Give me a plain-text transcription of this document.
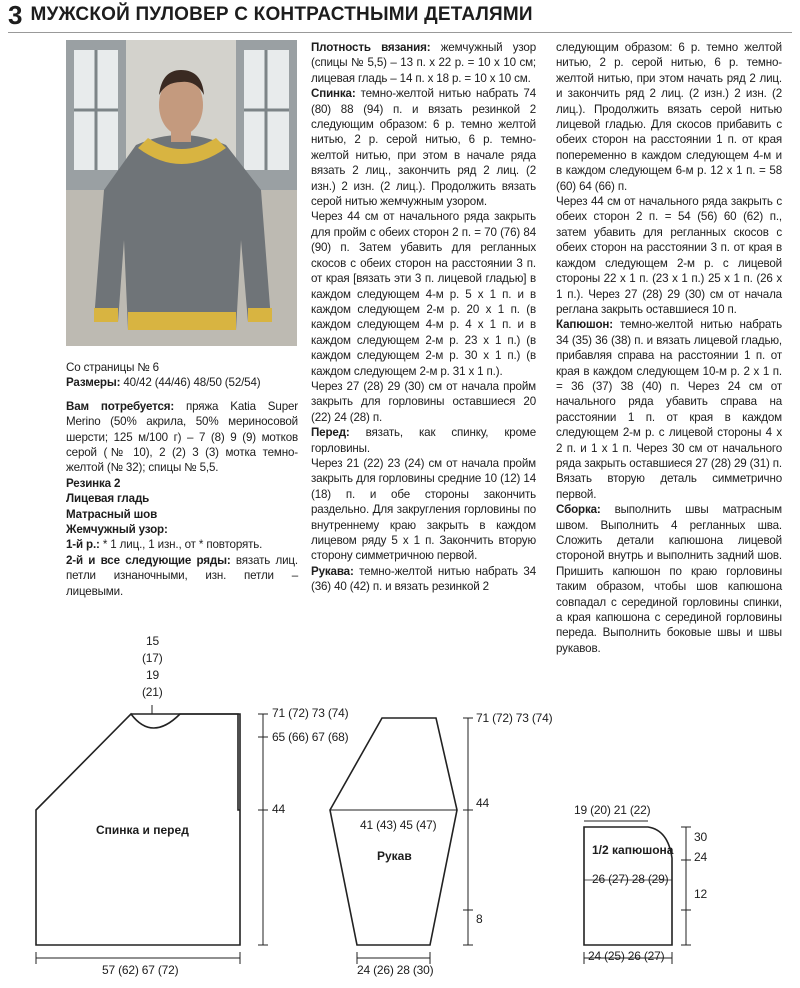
3 МУЖСКОЙ ПУЛОВЕР С КОНТРАСТНЫМИ ДЕТАЛЯМИ

Со страницы № 6

Размеры: 40/42 (44/46) 48/50 (52/54)

Вам потребуется: пряжа Katia Super Merino (50% акрила, 50% мериносовой шерсти; 125 м/100 г) – 7 (8) 9 (9) мотков серой (№ 10), 2 (2) 3 (3) мотка темно-желтой (№ 32); спицы № 5,5.

Резинка 2

Лицевая гладь

Матрасный шов

Жемчужный узор:

1-й р.: * 1 лиц., 1 изн., от * повторять.

2-й и все следующие ряды: вязать лиц. петли изнаночными, изн. петли – лицевыми.

Плотность вязания: жемчужный узор (спицы № 5,5) – 13 п. х 22 р. = 10 х 10 см; лицевая гладь – 14 п. х 18 р. = 10 х 10 см.

Спинка: темно-желтой нитью набрать 74 (80) 88 (94) п. и вязать резинкой 2 следующим образом: 6 р. темно желтой нитью, 2 р. серой нитью, 6 р. темно-желтой нитью, при этом в начале ряда вязать 2 лиц., закончить ряд 2 лиц. (2 изн.) 2 изн. (2 лиц.). Продолжить вязать серой нитью жемчужным узором.

Через 44 см от начального ряда закрыть для пройм с обеих сторон 2 п. = 70 (76) 84 (90) п. Затем убавить для регланных скосов с обеих сторон на расстоянии 3 п. от края [вязать эти 3 п. лицевой гладью] в каждом следующем 4-м р. 5 х 1 п. и в каждом следующем 2-м р. 20 х 1 п. (в каждом следующем 4-м р. 4 х 1 п. и в каждом следующем 2-м р. 23 х 1 п.) (в каждом следующем 2-м р. 30 х 1 п.) (в каждом следующем 2-м р. 31 х 1 п.).

Через 27 (28) 29 (30) см от начала пройм закрыть для горловины оставшиеся 20 (22) 24 (28) п.

Перед: вязать, как спинку, кроме горловины.

Через 21 (22) 23 (24) см от начала пройм закрыть для горловины средние 10 (12) 14 (18) п. и обе стороны закончить раздельно. Для закругления горловины по внутреннему краю закрыть в каждом лицевом ряду 5 х 1 п. Закончить вторую сторону симметричною первой.

Рукава: темно-желтой нитью набрать 34 (36) 40 (42) п. и вязать резинкой 2

следующим образом: 6 р. темно желтой нитью, 2 р. серой нитью, 6 р. темно-желтой нитью, при этом начать ряд 2 лиц. и закончить ряд 2 лиц. (2 изн.) 2 изн. (2 лиц.). Продолжить вязать серой нитью лицевой гладью. Для скосов прибавить с обеих сторон на расстоянии 1 п. от края попеременно в каждом следующем 4-м и в каждом следующем 6-м р. 12 х 1 п. = 58 (60) 64 (66) п.

Через 44 см от начального ряда закрыть с обеих сторон 2 п. = 54 (56) 60 (62) п., затем убавить для регланных скосов с обеих сторон на расстоянии 3 п. от края в каждом следующем 2-м р. с лицевой стороны 22 х 1 п. (23 х 1 п.) 25 х 1 п. (26 х 1 п.). Через 27 (28) 29 (30) см от начала реглана закрыть оставшиеся 10 п.

Капюшон: темно-желтой нитью набрать 34 (35) 36 (38) п. и вязать лицевой гладью, прибавляя справа на расстоянии 1 п. от края в каждом следующем 10-м р. 2 х 1 п. = 36 (37) 38 (40) п. Через 24 см от начального ряда убавить справа на расстоянии 1 п. от края в каждом следующем 2-м р. с лицевой стороны 4 х 2 п. и 1 х 1 п. Через 30 см от начального ряда закрыть оставшиеся 27 (28) 29 (31) п. Вязать вторую деталь симметрично первой.

Сборка: выполнить швы матрасным швом. Выполнить 4 регланных шва. Сложить детали капюшона лицевой стороной внутрь и выполнить задний шов. Пришить капюшон по краю горловины таким образом, чтобы шов капюшона совпадал с серединой горловины спинки, а края капюшона с серединой горловины переда. Выполнить боковые швы и швы рукавов.

15
(17)
19
(21)
71 (72) 73 (74)
65 (66) 67 (68)
44
Спинка и перед
57 (62) 67 (72)
71 (72) 73 (74)
44
8
41 (43) 45 (47)
Рукав
24 (26) 28 (30)
19 (20) 21 (22)
1/2 капюшона
26 (27) 28 (29)
30
24
12
24 (25) 26 (27)
